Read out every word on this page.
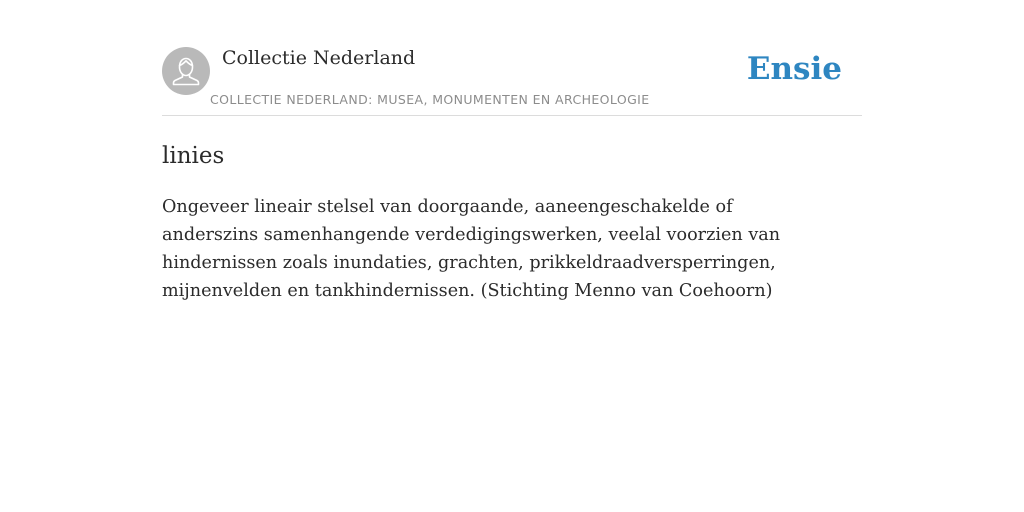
Collectie Nederland
COLLECTIE NEDERLAND: MUSEA, MONUMENTEN EN ARCHEOLOGIE
Ensie
linies
Ongeveer lineair stelsel van doorgaande, aaneengeschakelde of anderszins samenhangende verdedigingswerken, veelal voorzien van hindernissen zoals inundaties, grachten, prikkeldraadversperringen, mijnenvelden en tankhindernissen. (Stichting Menno van Coehoorn)
